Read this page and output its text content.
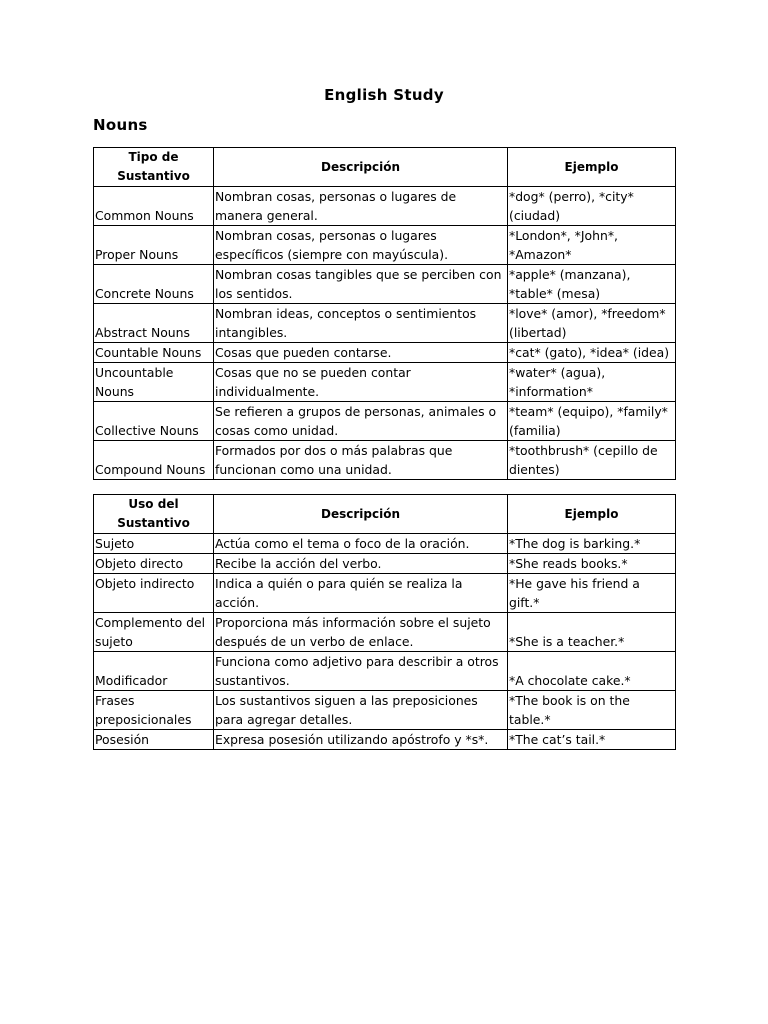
English Study
Nouns
Tipo de Sustantivo	Descripción	Ejemplo
Common Nouns	Nombran cosas, personas o lugares de manera general.	*dog* (perro), *city* (ciudad)
Proper Nouns	Nombran cosas, personas o lugares específicos (siempre con mayúscula).	*London*, *John*, *Amazon*
Concrete Nouns	Nombran cosas tangibles que se perciben con los sentidos.	*apple* (manzana), *table* (mesa)
Abstract Nouns	Nombran ideas, conceptos o sentimientos intangibles.	*love* (amor), *freedom* (libertad)
Countable Nouns	Cosas que pueden contarse.	*cat* (gato), *idea* (idea)
Uncountable Nouns	Cosas que no se pueden contar individualmente.	*water* (agua), *information*
Collective Nouns	Se refieren a grupos de personas, animales o cosas como unidad.	*team* (equipo), *family* (familia)
Compound Nouns	Formados por dos o más palabras que funcionan como una unidad.	*toothbrush* (cepillo de dientes)
Uso del Sustantivo	Descripción	Ejemplo
Sujeto	Actúa como el tema o foco de la oración.	*The dog is barking.*
Objeto directo	Recibe la acción del verbo.	*She reads books.*
Objeto indirecto	Indica a quién o para quién se realiza la acción.	*He gave his friend a gift.*
Complemento del sujeto	Proporciona más información sobre el sujeto después de un verbo de enlace.	*She is a teacher.*
Modificador	Funciona como adjetivo para describir a otros sustantivos.	*A chocolate cake.*
Frases preposicionales	Los sustantivos siguen a las preposiciones para agregar detalles.	*The book is on the table.*
Posesión	Expresa posesión utilizando apóstrofo y *s*.	*The cat’s tail.*
